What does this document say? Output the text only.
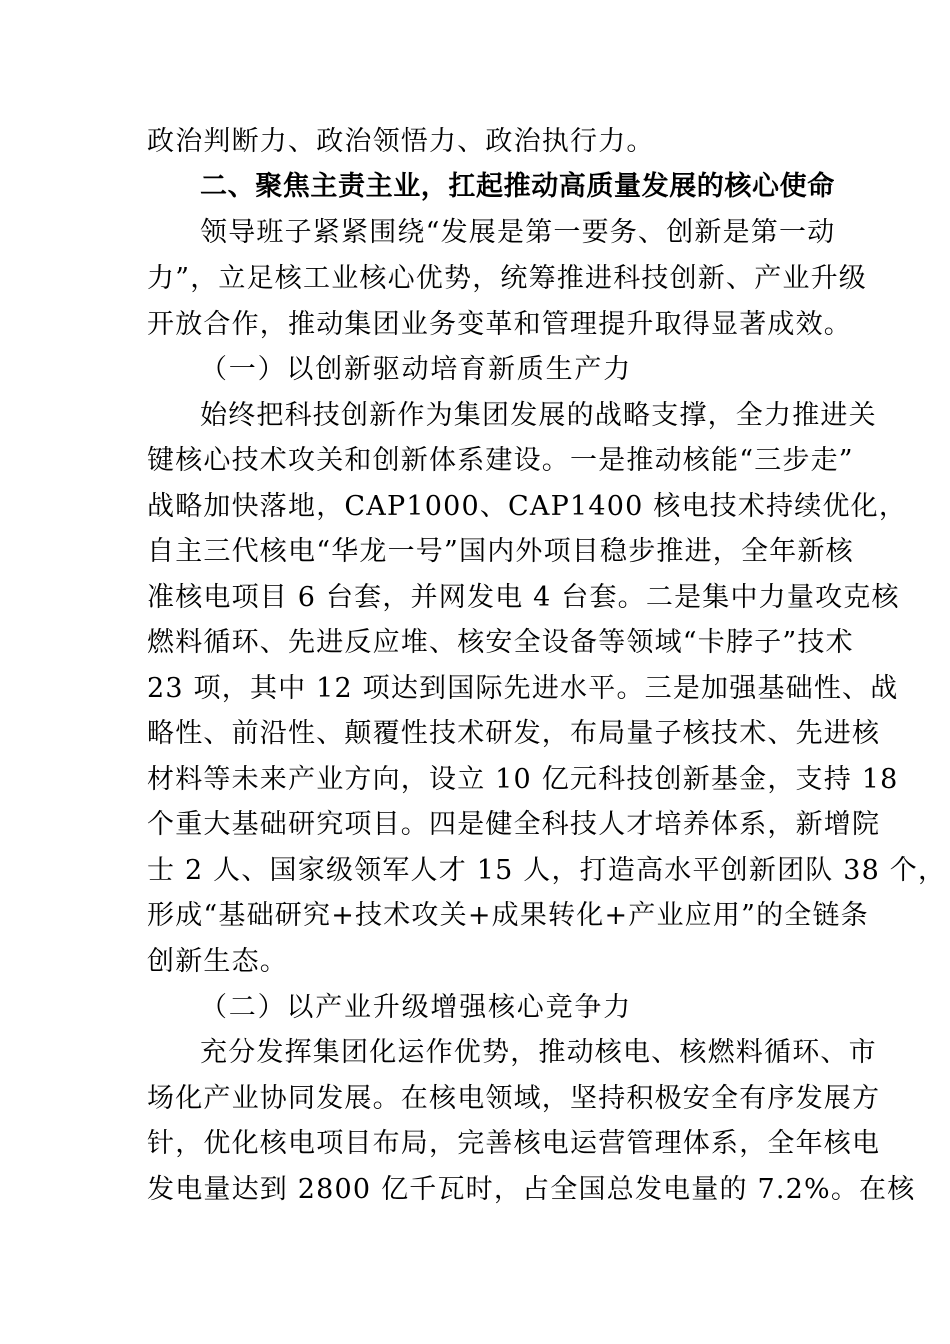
政治判断力、政治领悟力、政治执行力。
二、聚焦主责主业，扛起推动高质量发展的核心使命
领导班子紧紧围绕“发展是第一要务、创新是第一动
力”，立足核工业核心优势，统筹推进科技创新、产业升级
开放合作，推动集团业务变革和管理提升取得显著成效。
（一）以创新驱动培育新质生产力
始终把科技创新作为集团发展的战略支撑，全力推进关
键核心技术攻关和创新体系建设。一是推动核能“三步走”
战略加快落地，CAP1000、CAP1400 核电技术持续优化，
自主三代核电“华龙一号”国内外项目稳步推进，全年新核
准核电项目 6 台套，并网发电 4 台套。二是集中力量攻克核
燃料循环、先进反应堆、核安全设备等领域“卡脖子”技术
23 项，其中 12 项达到国际先进水平。三是加强基础性、战
略性、前沿性、颠覆性技术研发，布局量子核技术、先进核
材料等未来产业方向，设立 10 亿元科技创新基金，支持 18
个重大基础研究项目。四是健全科技人才培养体系，新增院
士 2 人、国家级领军人才 15 人，打造高水平创新团队 38 个，
形成“基础研究+技术攻关+成果转化+产业应用”的全链条
创新生态。
（二）以产业升级增强核心竞争力
充分发挥集团化运作优势，推动核电、核燃料循环、市
场化产业协同发展。在核电领域，坚持积极安全有序发展方
针，优化核电项目布局，完善核电运营管理体系，全年核电
发电量达到 2800 亿千瓦时，占全国总发电量的 7.2%。在核
